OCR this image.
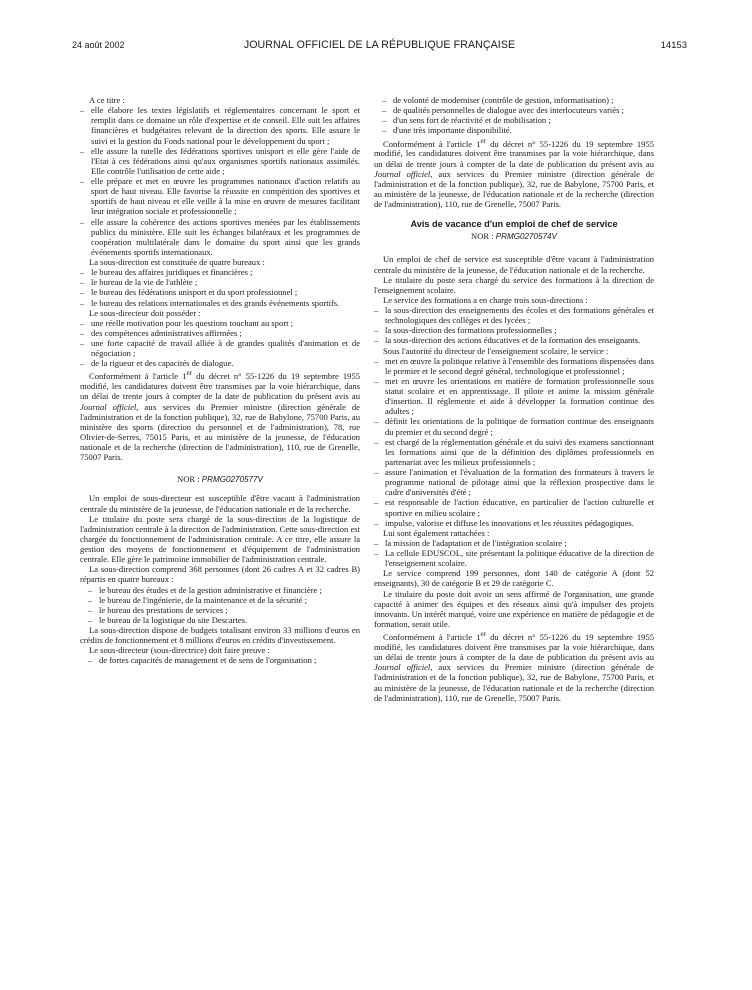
24 août 2002	JOURNAL OFFICIEL DE LA RÉPUBLIQUE FRANÇAISE	14153

A ce titre :

– elle élabore les textes législatifs et réglementaires concernant le sport et remplit dans ce domaine un rôle d'expertise et de conseil. Elle suit les affaires financières et budgétaires relevant de la direction des sports. Elle assure le suivi et la gestion du Fonds national pour le développement du sport ;

– elle assure la tutelle des fédérations sportives unisport et elle gère l'aide de l'Etat à ces fédérations ainsi qu'aux organismes sportifs nationaux assimilés. Elle contrôle l'utilisation de cette aide ;

– elle prépare et met en œuvre les programmes nationaux d'action relatifs au sport de haut niveau. Elle favorise la réussite en compétition des sportives et sportifs de haut niveau et elle veille à la mise en œuvre de mesures facilitant leur intégration sociale et professionnelle ;

– elle assure la cohérence des actions sportives menées par les établissements publics du ministère. Elle suit les échanges bilatéraux et les programmes de coopération multilatérale dans le domaine du sport ainsi que les grands événements sportifs internationaux.

La sous-direction est constituée de quatre bureaux :

– le bureau des affaires juridiques et financières ;

– le bureau de la vie de l'athlète ;

– le bureau des fédérations unisport et du sport professionnel ;

– le bureau des relations internationales et des grands événements sportifs.

Le sous-directeur doit posséder :

– une réelle motivation pour les questions touchant au sport ;

– des compétences administratives affirmées ;

– une forte capacité de travail alliée à de grandes qualités d'animation et de négociation ;

– de la rigueur et des capacités de dialogue.

Conformément à l'article 1er du décret n° 55-1226 du 19 septembre 1955 modifié, les candidatures doivent être transmises par la voie hiérarchique, dans un délai de trente jours à compter de la date de publication du présent avis au Journal officiel, aux services du Premier ministre (direction générale de l'administration et de la fonction publique), 32, rue de Babylone, 75700 Paris, au ministère des sports (direction du personnel et de l'administration), 78, rue Olivier-de-Serres, 75015 Paris, et au ministère de la jeunesse, de l'éducation nationale et de la recherche (direction de l'administration), 110, rue de Grenelle, 75007 Paris.

NOR : PRMG0270577V

Un emploi de sous-directeur est susceptible d'être vacant à l'administration centrale du ministère de la jeunesse, de l'éducation nationale et de la recherche.

Le titulaire du poste sera chargé de la sous-direction de la logistique de l'administration centrale à la direction de l'administration. Cette sous-direction est chargée du fonctionnement de l'administration centrale. A ce titre, elle assure la gestion des moyens de fonctionnement et d'équipement de l'administration centrale. Elle gère le patrimoine immobilier de l'administration centrale.

La sous-direction comprend 368 personnes (dont 26 cadres A et 32 cadres B) répartis en quatre bureaux :

– le bureau des études et de la gestion administrative et financière ;

– le bureau de l'ingénierie, de la maintenance et de la sécurité ;

– le bureau des prestations de services ;

– le bureau de la logistique du site Descartes.

La sous-direction dispose de budgets totalisant environ 33 millions d'euros en crédits de fonctionnement et 8 millions d'euros en crédits d'investissement.

Le sous-directeur (sous-directrice) doit faire preuve :

– de fortes capacités de management et de sens de l'organisation ;

– de volonté de moderniser (contrôle de gestion, informatisation) ;

– de qualités personnelles de dialogue avec des interlocuteurs variés ;

– d'un sens fort de réactivité et de mobilisation ;

– d'une très importante disponibilité.

Conformément à l'article 1er du décret n° 55-1226 du 19 septembre 1955 modifié, les candidatures doivent être transmises par la voie hiérarchique, dans un délai de trente jours à compter de la date de publication du présent avis au Journal officiel, aux services du Premier ministre (direction générale de l'administration et de la fonction publique), 32, rue de Babylone, 75700 Paris, et au ministère de la jeunesse, de l'éducation nationale et de la recherche (direction de l'administration), 110, rue de Grenelle, 75007 Paris.

Avis de vacance d'un emploi de chef de service

NOR : PRMG0270574V

Un emploi de chef de service est susceptible d'être vacant à l'administration centrale du ministère de la jeunesse, de l'éducation nationale et de la recherche.

Le titulaire du poste sera chargé du service des formations à la direction de l'enseignement scolaire.

Le service des formations a en charge trois sous-directions :

– la sous-direction des enseignements des écoles et des formations générales et technologiques des collèges et des lycées ;

– la sous-direction des formations professionnelles ;

– la sous-direction des actions éducatives et de la formation des enseignants.

Sous l'autorité du directeur de l'enseignement scolaire, le service :

– met en œuvre la politique relative à l'ensemble des formations dispensées dans le premier et le second degré général, technologique et professionnel ;

– met en œuvre les orientations en matière de formation professionnelle sous statut scolaire et en apprentissage. Il pilote et anime la mission générale d'insertion. Il réglemente et aide à développer la formation continue des adultes ;

– définit les orientations de la politique de formation continue des enseignants du premier et du second degré ;

– est chargé de la réglementation générale et du suivi des examens sanctionnant les formations ainsi que de la définition des diplômes professionnels en partenariat avec les milieux professionnels ;

– assure l'animation et l'évaluation de la formation des formateurs à travers le programme national de pilotage ainsi que la réflexion prospective dans le cadre d'universités d'été ;

– est responsable de l'action éducative, en particulier de l'action culturelle et sportive en milieu scolaire ;

– impulse, valorise et diffuse les innovations et les réussites pédagogiques.

Lui sont également rattachées :

– la mission de l'adaptation et de l'intégration scolaire ;

– La cellule EDUSCOL, site présentant la politique éducative de la direction de l'enseignement scolaire.

Le service comprend 199 personnes, dont 140 de catégorie A (dont 52 enseignants), 30 de catégorie B et 29 de catégorie C.

Le titulaire du poste doit avoir un sens affirmé de l'organisation, une grande capacité à animer des équipes et des réseaux ainsi qu'à impulser des projets innovants. Un intérêt marqué, voire une expérience en matière de pédagogie et de formation, serait utile.

Conformément à l'article 1er du décret n° 55-1226 du 19 septembre 1955 modifié, les candidatures doivent être transmises par la voie hiérarchique, dans un délai de trente jours à compter de la date de publication du présent avis au Journal officiel, aux services du Premier ministre (direction générale de l'administration et de la fonction publique), 32, rue de Babylone, 75700 Paris, et au ministère de la jeunesse, de l'éducation nationale et de la recherche (direction de l'administration), 110, rue de Grenelle, 75007 Paris.
